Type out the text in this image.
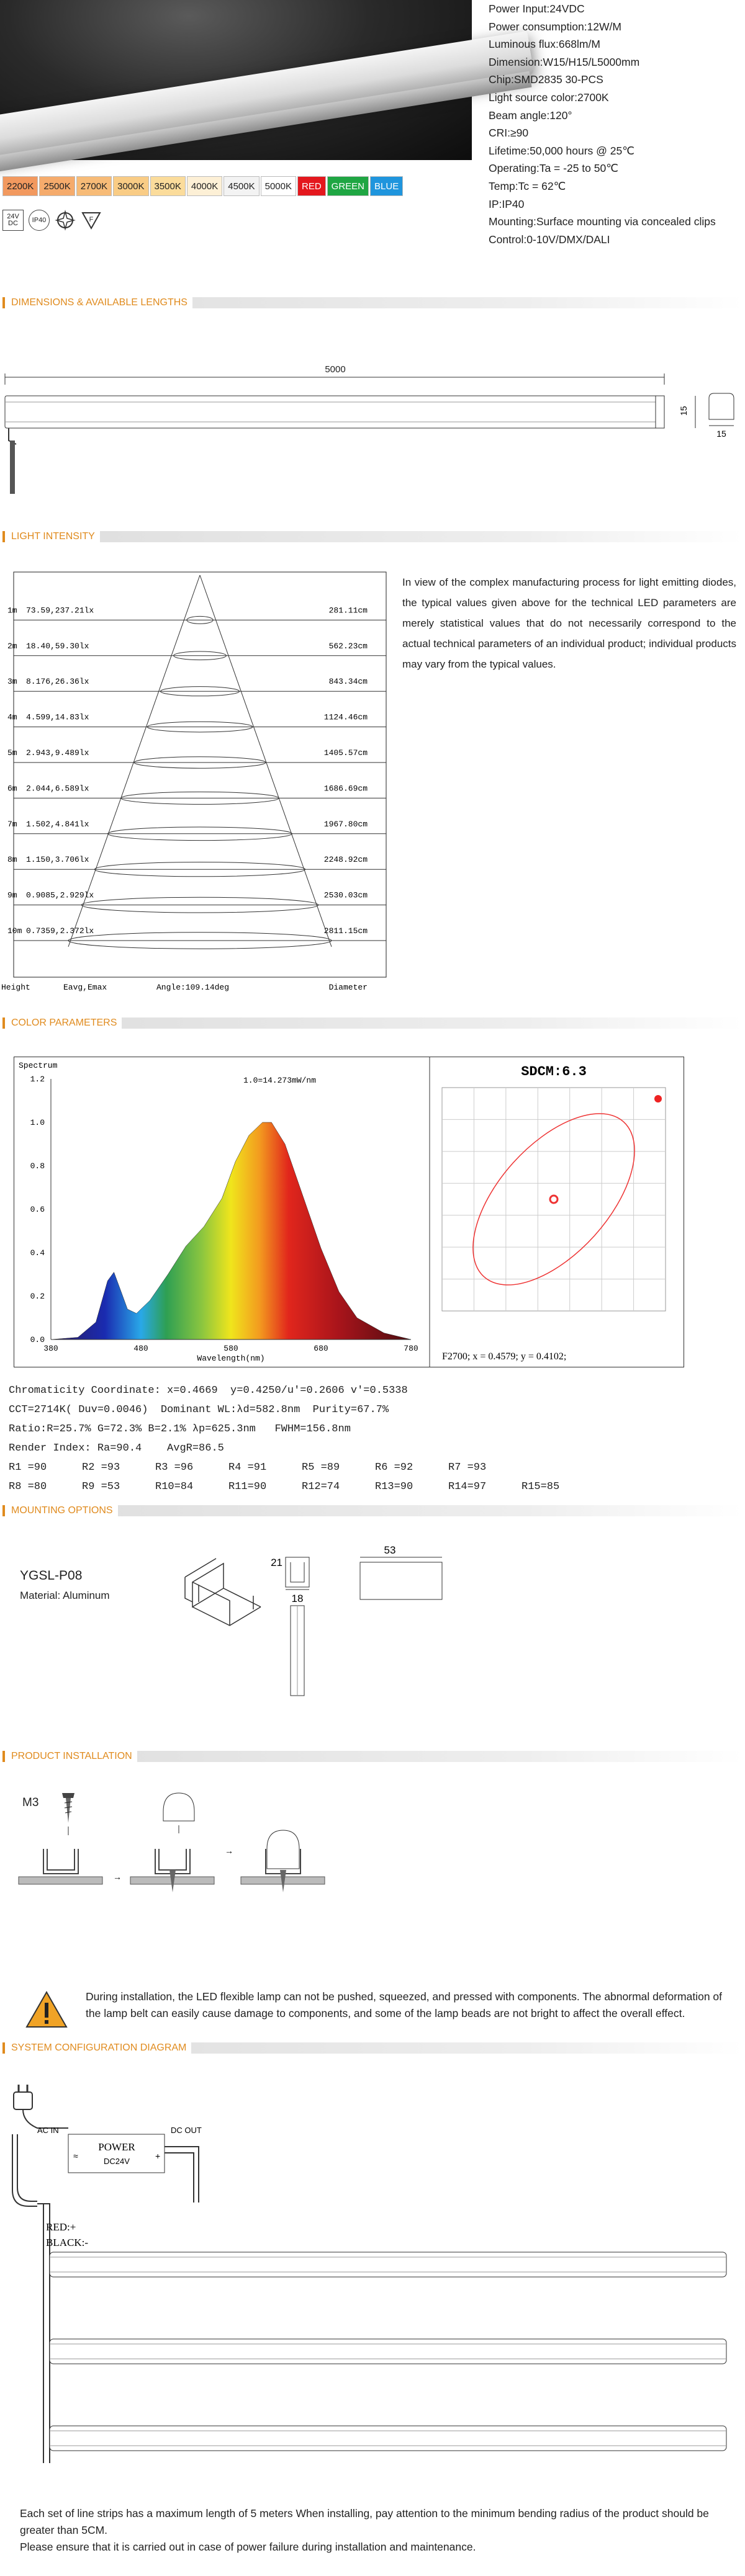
Power Input:24VDC
Power consumption:12W/M
Luminous flux:668lm/M
Dimension:W15/H15/L5000mm
Chip:SMD2835 30-PCS
Light source color:2700K
Beam angle:120°
CRI:≥90
Lifetime:50,000 hours @ 25℃
Operating:Ta = -25 to 50℃
Temp:Tc = 62℃
IP:IP40
Mounting:Surface mounting via concealed clips
Control:0-10V/DMX/DALI
2200K	2500K	2700K	3000K	3500K	4000K	4500K	5000K	RED	GREEN	BLUE
24V
DC IP40	F
DIMENSIONS & AVAILABLE LENGTHS
5000
15
15
LIGHT INTENSITY
1m 73.59,237.21lx	281.11cm
2m 18.40,59.30lx	562.23cm
3m 8.176,26.36lx	843.34cm
4m 4.599,14.83lx	1124.46cm
5m 2.943,9.489lx	1405.57cm
6m 2.044,6.589lx	1686.69cm
7m 1.502,4.841lx	1967.80cm
8m 1.150,3.706lx	2248.92cm
9m 0.9085,2.929lx	2530.03cm
10m 0.7359,2.372lx	2811.15cm
Height	Eavg,Emax	Angle:109.14deg	Diameter
In view of the complex manufacturing process for light emitting diodes, the typical values given above for the technical LED parameters are merely statistical values that do not necessarily correspond to the actual technical parameters of an individual product; individual products may vary from the typical values.
COLOR PARAMETERS
Spectrum
1.0=14.273mW/nm
1.2
1.0
0.8
0.6
0.4
0.2
0.0
380	480	580	680	780
Wavelength(nm)
SDCM:6.3
F2700; x = 0.4579; y = 0.4102;
Chromaticity Coordinate: x=0.4669  y=0.4250/u'=0.2606 v'=0.5338
CCT=2714K( Duv=0.0046)  Dominant WL:λd=582.8nm  Purity=67.7%
Ratio:R=25.7% G=72.3% B=2.1% λp=625.3nm   FWHM=156.8nm
Render Index: Ra=90.4    AvgR=86.5
R1 =90	R2 =93	R3 =96	R4 =91	R5 =89	R6 =92	R7 =93
R8 =80	R9 =53	R10=84	R11=90	R12=74	R13=90	R14=97	R15=85
MOUNTING OPTIONS
YGSL-P08
Material: Aluminum
21
18
53
PRODUCT INSTALLATION
M3
→
→
During installation, the LED flexible lamp can not be pushed, squeezed, and pressed with components. The abnormal deformation of the lamp belt can easily cause damage to components, and some of the lamp beads are not bright to affect the overall effect.
SYSTEM CONFIGURATION DIAGRAM
AC IN	DC OUT
POWER
DC24V
≈	+
RED:+
BLACK:-
Each set of line strips has a maximum length of 5 meters When installing, pay attention to the minimum bending radius of the product should be greater than 5CM.
Please ensure that it is carried out in case of power failure during installation and maintenance.
